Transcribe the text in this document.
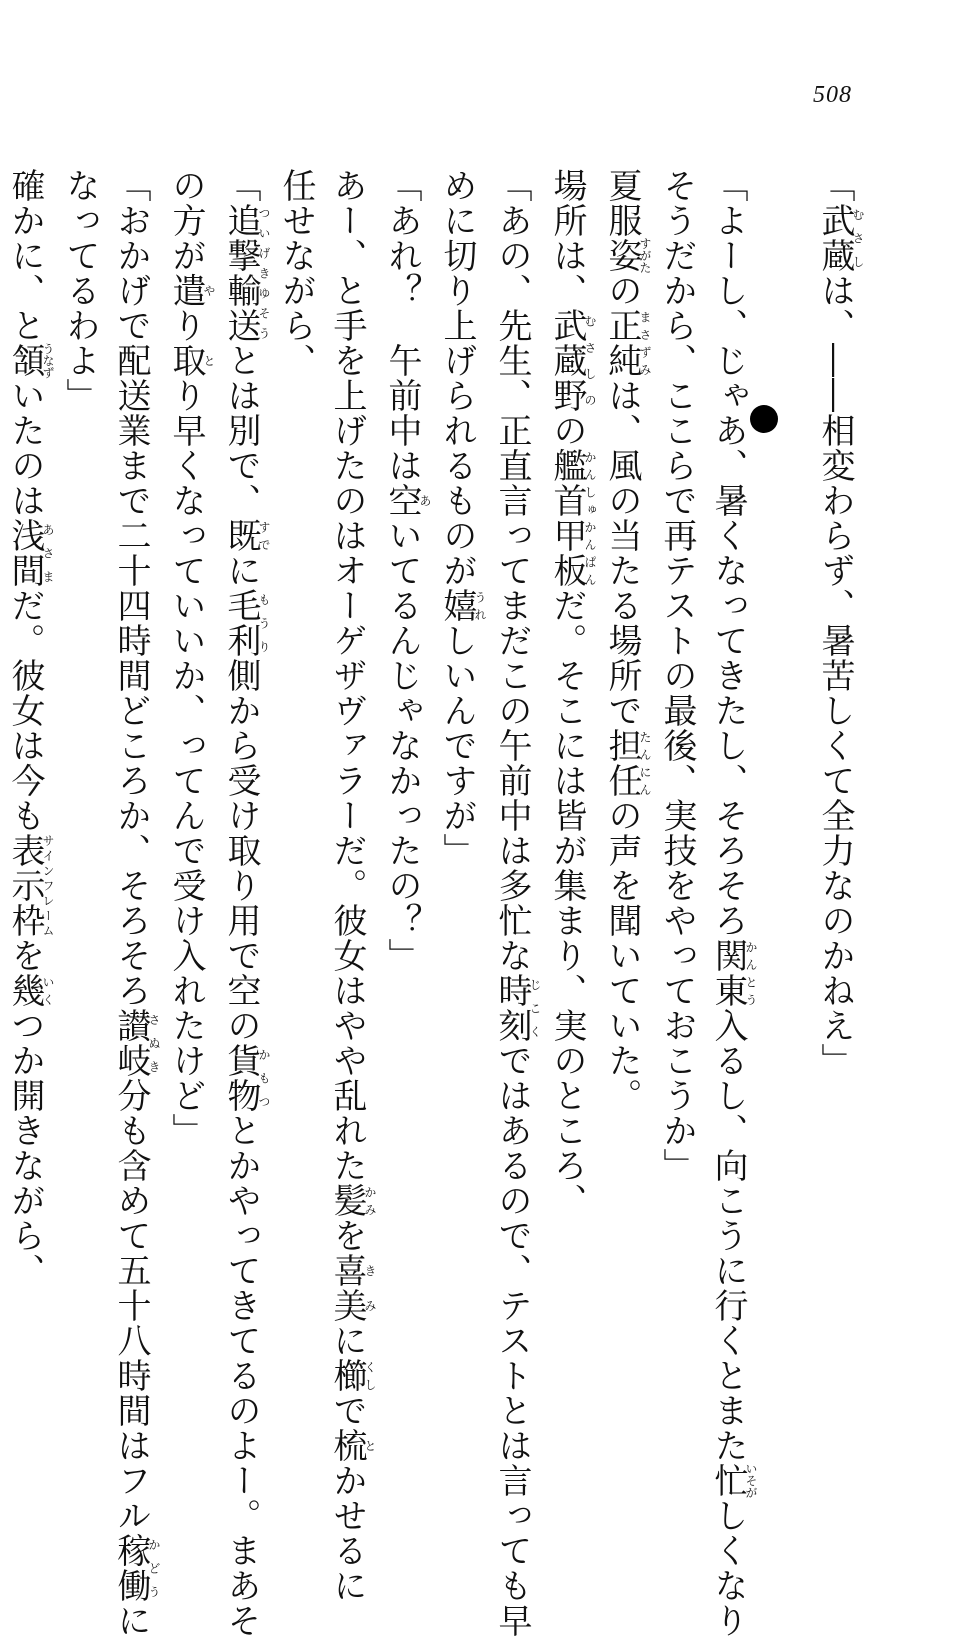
508
「武蔵むさしは、――相変わらず、暑苦しくて全力なのかねえ」
「よーし、じゃあ、暑くなってきたし、そろそろ関東かんとう入るし、向こうに行くとまた忙いそがしくなり
そうだから、ここらで再テストの最後、実技をやっておこうか」
夏服姿すがたの正純まさずみは、風の当たる場所で担任たんにんの声を聞いていた。
場所は、武蔵野むさしのの艦首甲板かんしゅかんぱんだ。そこには皆が集まり、実のところ、
「あの、先生、正直言ってまだこの午前中は多忙な時刻じこくではあるので、テストとは言っても早
めに切り上げられるものが嬉うれしいんですが」
「あれ？　午前中は空あいてるんじゃなかったの？」
あー、と手を上げたのはオーゲザヴァラーだ。彼女はやや乱れた髪かみを喜美きみに櫛くしで梳とかせるに
任せながら、
「追撃輸送ついげきゆそうとは別で、既すでに毛利もうり側から受け取り用で空の貨物かもつとかやってきてるのよー。まあそ
の方が遣やり取とり早くなっていいか、ってんで受け入れたけど」
「おかげで配送業まで二十四時間どころか、そろそろ讃岐さぬき分も含めて五十八時間はフル稼働かどうに
なってるわよ」
確かに、と頷うなずいたのは浅間あさまだ。彼女は今も表示枠サインフレームを幾いくつか開きながら、
